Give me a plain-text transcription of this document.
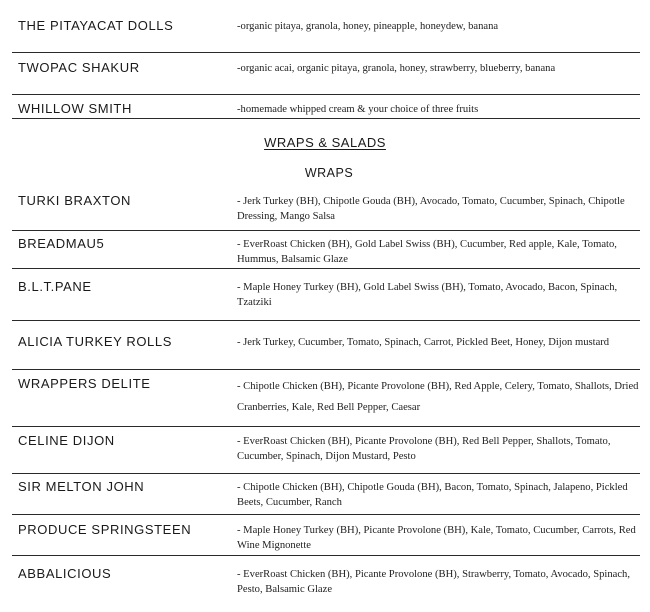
THE PITAYACAT DOLLS	-organic pitaya, granola, honey, pineapple, honeydew, banana
TWOPAC SHAKUR	-organic acai, organic pitaya, granola, honey, strawberry, blueberry, banana
WHILLOW SMITH	-homemade whipped cream & your choice of three fruits
WRAPS & SALADS
WRAPS
TURKI BRAXTON	- Jerk Turkey (BH), Chipotle Gouda (BH), Avocado, Tomato, Cucumber, Spinach, Chipotle Dressing, Mango Salsa
BREADMAU5	- EverRoast Chicken (BH), Gold Label Swiss (BH), Cucumber, Red apple, Kale, Tomato, Hummus, Balsamic Glaze
B.L.T.PANE	- Maple Honey Turkey (BH), Gold Label Swiss (BH), Tomato, Avocado, Bacon, Spinach, Tzatziki
ALICIA TURKEY ROLLS	- Jerk Turkey, Cucumber, Tomato, Spinach, Carrot, Pickled Beet, Honey, Dijon mustard
WRAPPERS DELITE	- Chipotle Chicken (BH), Picante Provolone (BH), Red Apple, Celery, Tomato, Shallots, Dried Cranberries, Kale, Red Bell Pepper, Caesar
CELINE DIJON	- EverRoast Chicken (BH), Picante Provolone (BH), Red Bell Pepper, Shallots, Tomato, Cucumber, Spinach, Dijon Mustard, Pesto
SIR MELTON JOHN	- Chipotle Chicken (BH), Chipotle Gouda (BH), Bacon, Tomato, Spinach, Jalapeno, Pickled Beets, Cucumber, Ranch
PRODUCE SPRINGSTEEN	- Maple Honey Turkey (BH), Picante Provolone (BH), Kale, Tomato, Cucumber, Carrots, Red Wine Mignonette
ABBALICIOUS	- EverRoast Chicken (BH), Picante Provolone (BH), Strawberry, Tomato, Avocado, Spinach, Pesto, Balsamic Glaze
